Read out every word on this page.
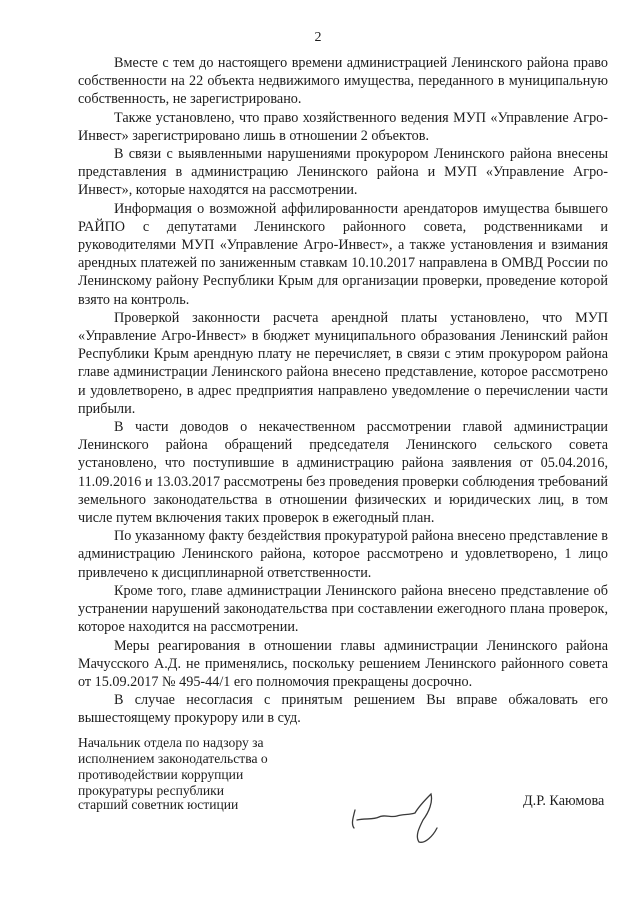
2

Вместе с тем до настоящего времени администрацией Ленинского района право собственности на 22 объекта недвижимого имущества, переданного в муниципальную собственность, не зарегистрировано.

Также установлено, что право хозяйственного ведения МУП «Управление Агро-Инвест» зарегистрировано лишь в отношении 2 объектов.

В связи с выявленными нарушениями прокурором Ленинского района внесены представления в администрацию Ленинского района и МУП «Управление Агро-Инвест», которые находятся на рассмотрении.

Информация о возможной аффилированности арендаторов имущества бывшего РАЙПО с депутатами Ленинского районного совета, родственниками и руководителями МУП «Управление Агро-Инвест», а также установления и взимания арендных платежей по заниженным ставкам 10.10.2017 направлена в ОМВД России по Ленинскому району Республики Крым для организации проверки, проведение которой взято на контроль.

Проверкой законности расчета арендной платы установлено, что МУП «Управление Агро-Инвест» в бюджет муниципального образования Ленинский район Республики Крым арендную плату не перечисляет, в связи с этим прокурором района главе администрации Ленинского района внесено представление, которое рассмотрено и удовлетворено, в адрес предприятия направлено уведомление о перечислении части прибыли.

В части доводов о некачественном рассмотрении главой администрации Ленинского района обращений председателя Ленинского сельского совета установлено, что поступившие в администрацию района заявления от 05.04.2016, 11.09.2016 и 13.03.2017 рассмотрены без проведения проверки соблюдения требований земельного законодательства в отношении физических и юридических лиц, в том числе путем включения таких проверок в ежегодный план.

По указанному факту бездействия прокуратурой района внесено представление в администрацию Ленинского района, которое рассмотрено и удовлетворено, 1 лицо привлечено к дисциплинарной ответственности.

Кроме того, главе администрации Ленинского района внесено представление об устранении нарушений законодательства при составлении ежегодного плана проверок, которое находится на рассмотрении.

Меры реагирования в отношении главы администрации Ленинского района Мачусского А.Д. не применялись, поскольку решением Ленинского районного совета от 15.09.2017 № 495-44/1 его полномочия прекращены досрочно.

В случае несогласия с принятым решением Вы вправе обжаловать его вышестоящему прокурору или в суд.

Начальник отдела по надзору за исполнением законодательства о противодействии коррупции прокуратуры республики
старший советник юстиции	Д.Р. Каюмова
